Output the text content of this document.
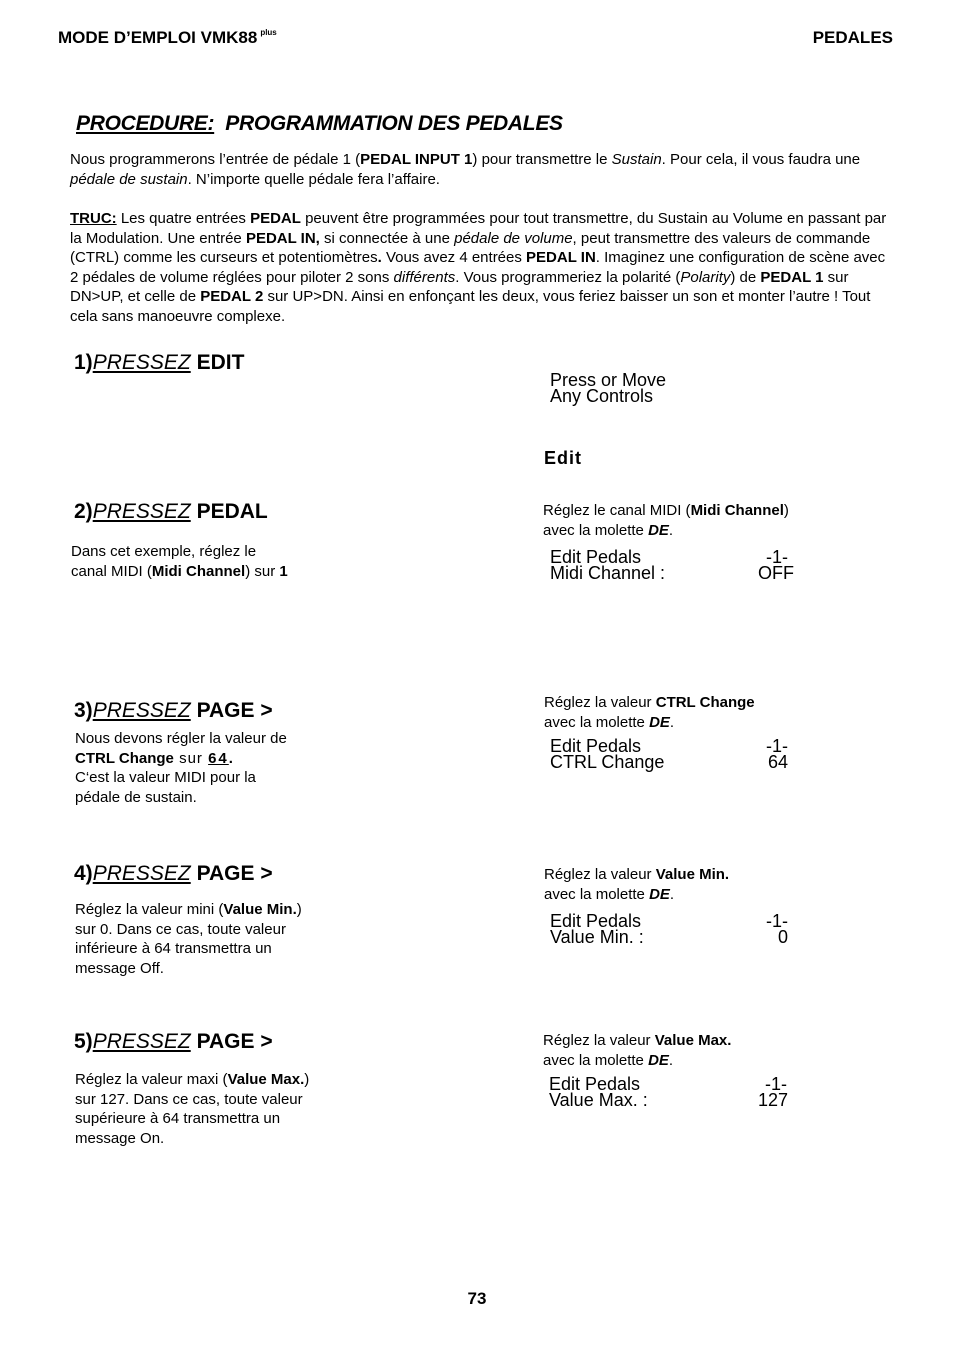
MODE D’EMPLOI VMK88 $^{plus}$	PEDALES
PROCEDURE: PROGRAMMATION DES PEDALES
Nous programmerons l’entrée de pédale 1 (PEDAL INPUT 1) pour transmettre le Sustain. Pour cela, il vous faudra une pédale de sustain. N’importe quelle pédale fera l’affaire.
TRUC: Les quatre entrées PEDAL peuvent être programmées pour tout transmettre, du Sustain au Volume en passant par la Modulation. Une entrée PEDAL IN, si connectée à une pédale de volume, peut transmettre des valeurs de commande (CTRL) comme les curseurs et potentiomètres. Vous avez 4 entrées PEDAL IN. Imaginez une configuration de scène avec 2 pédales de volume réglées pour piloter 2 sons différents. Vous programmeriez la polarité (Polarity) de PEDAL 1 sur DN>UP, et celle de PEDAL 2 sur UP>DN. Ainsi en enfonçant les deux, vous feriez baisser un son et monter l’autre ! Tout cela sans manoeuvre complexe.
1)PRESSEZ EDIT
Press or Move
Any Controls
Edit
2)PRESSEZ PEDAL
Dans cet exemple, réglez le
canal MIDI (Midi Channel) sur 1
Réglez le canal MIDI (Midi Channel)
avec la molette DE.
Edit Pedals	-1-
Midi Channel :	OFF
3)PRESSEZ PAGE >
Nous devons régler la valeur de
CTRL Change sur 64.
C‘est la valeur MIDI pour la
pédale de sustain.
Réglez la valeur CTRL Change
avec la molette DE.
Edit Pedals	-1-
CTRL Change	64
4)PRESSEZ PAGE >
Réglez la valeur mini (Value Min.)
sur 0. Dans ce cas, toute valeur
inférieure à 64 transmettra un
message Off.
Réglez la valeur Value Min.
avec la molette DE.
Edit Pedals	-1-
Value Min. :	0
5)PRESSEZ PAGE >
Réglez la valeur maxi (Value Max.)
sur 127. Dans ce cas, toute valeur
supérieure à 64 transmettra un
message On.
Réglez la valeur Value Max.
avec la molette DE.
Edit Pedals	-1-
Value Max. :	127
73
